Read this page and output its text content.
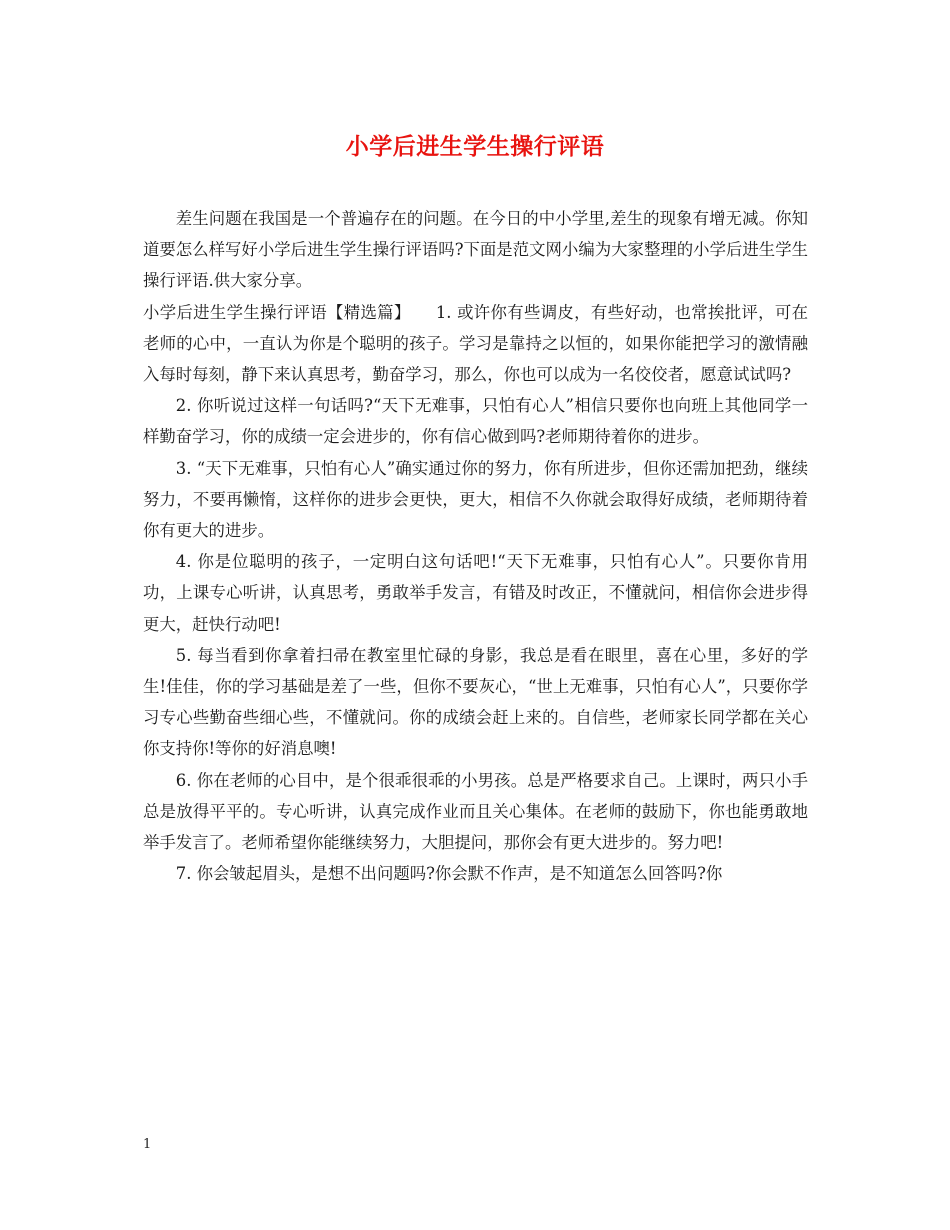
小学后进生学生操行评语

差生问题在我国是一个普遍存在的问题。在今日的中小学里,差生的现象有增无减。你知道要怎么样写好小学后进生学生操行评语吗?下面是范文网小编为大家整理的小学后进生学生操行评语.供大家分享。

小学后进生学生操行评语【精选篇】　　1. 或许你有些调皮，有些好动，也常挨批评，可在老师的心中，一直认为你是个聪明的孩子。学习是靠持之以恒的，如果你能把学习的激情融入每时每刻，静下来认真思考，勤奋学习，那么，你也可以成为一名佼佼者，愿意试试吗?

2. 你听说过这样一句话吗?“天下无难事，只怕有心人”相信只要你也向班上其他同学一样勤奋学习，你的成绩一定会进步的，你有信心做到吗?老师期待着你的进步。

3. “天下无难事，只怕有心人”确实通过你的努力，你有所进步，但你还需加把劲，继续努力，不要再懒惰，这样你的进步会更快，更大，相信不久你就会取得好成绩，老师期待着你有更大的进步。

4. 你是位聪明的孩子，一定明白这句话吧!“天下无难事，只怕有心人”。只要你肯用功，上课专心听讲，认真思考，勇敢举手发言，有错及时改正，不懂就问，相信你会进步得更大，赶快行动吧!

5. 每当看到你拿着扫帚在教室里忙碌的身影，我总是看在眼里，喜在心里，多好的学生!佳佳，你的学习基础是差了一些，但你不要灰心，“世上无难事，只怕有心人”，只要你学习专心些勤奋些细心些，不懂就问。你的成绩会赶上来的。自信些，老师家长同学都在关心你支持你!等你的好消息噢!

6. 你在老师的心目中，是个很乖很乖的小男孩。总是严格要求自己。上课时，两只小手总是放得平平的。专心听讲，认真完成作业而且关心集体。在老师的鼓励下，你也能勇敢地举手发言了。老师希望你能继续努力，大胆提问，那你会有更大进步的。努力吧!

7. 你会皱起眉头，是想不出问题吗?你会默不作声，是不知道怎么回答吗?你

1
